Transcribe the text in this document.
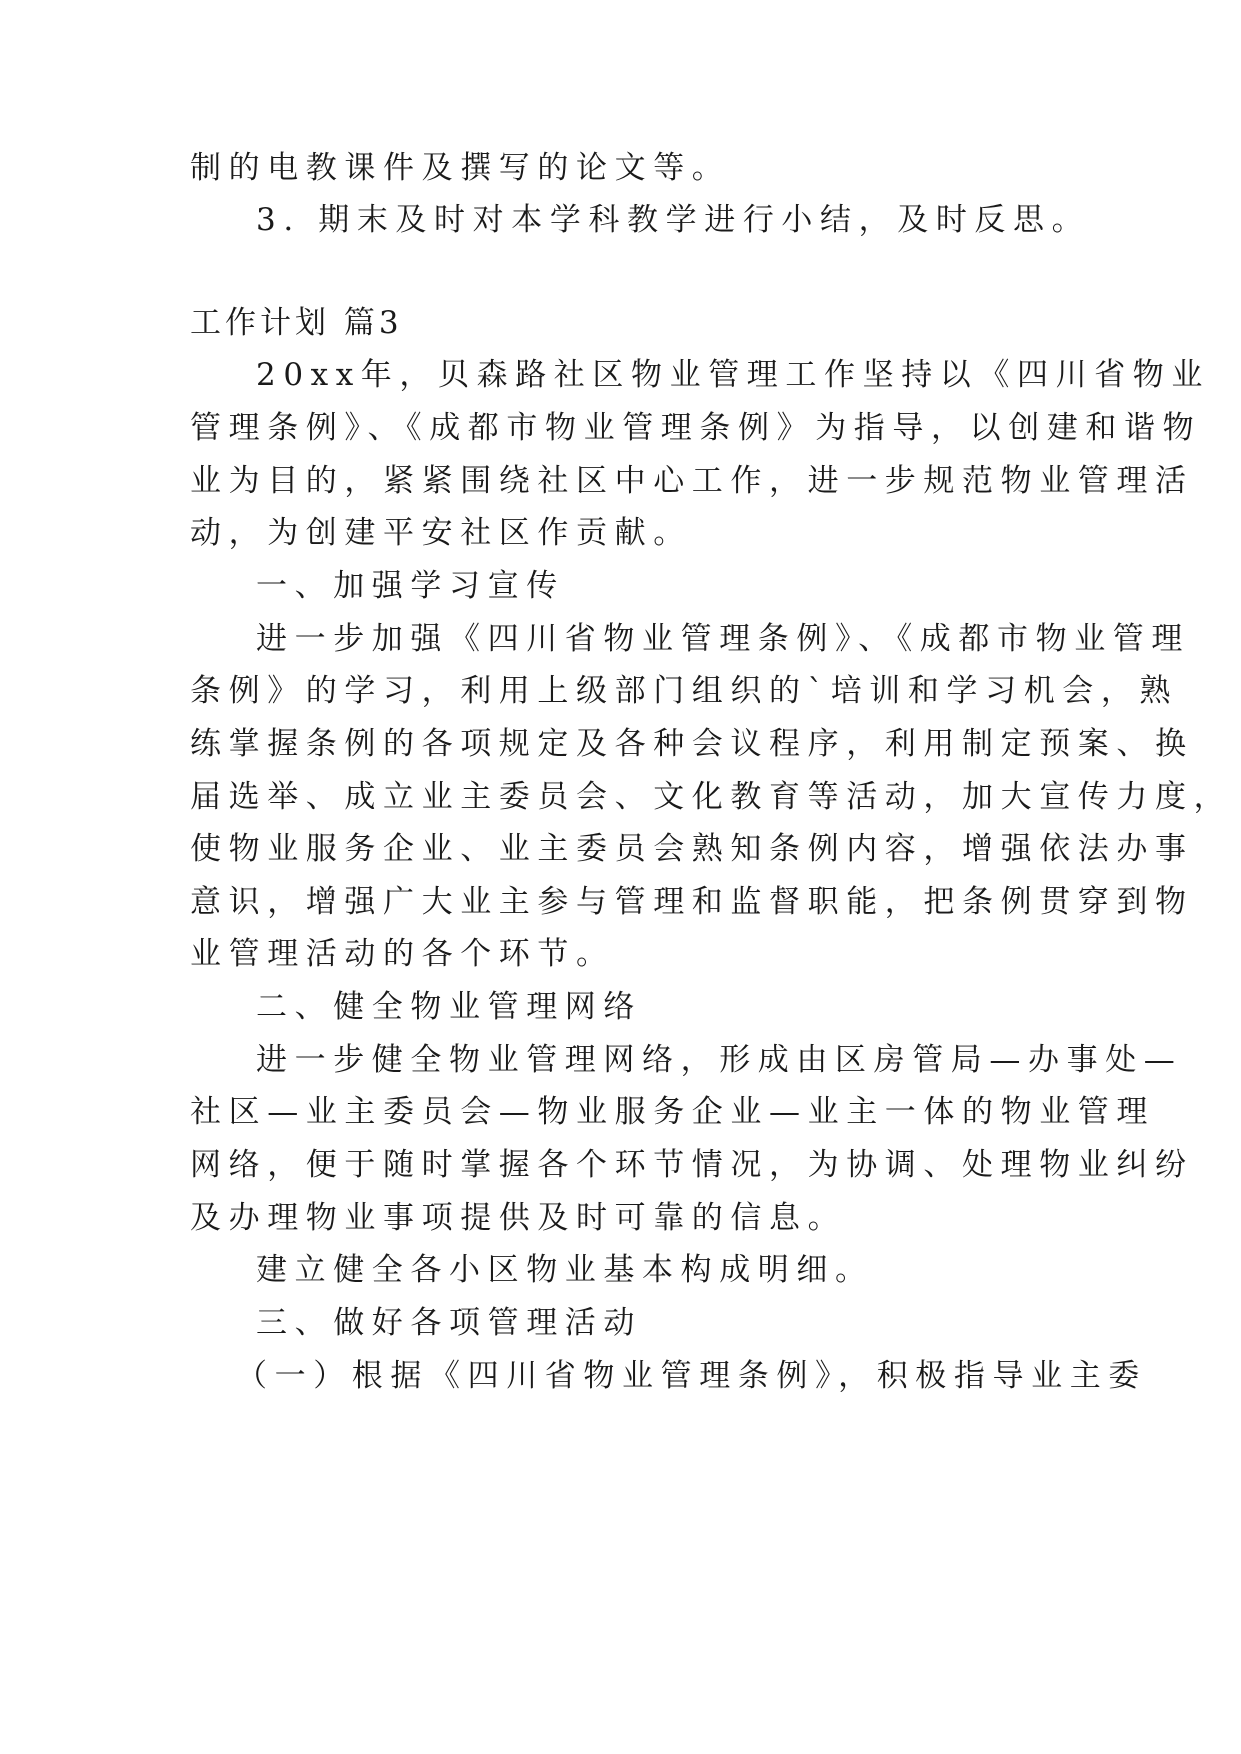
制的电教课件及撰写的论文等。
3. 期末及时对本学科教学进行小结，及时反思。
工作计划 篇3
20xx年，贝森路社区物业管理工作坚持以《四川省物业
管理条例》、《成都市物业管理条例》为指导，以创建和谐物
业为目的，紧紧围绕社区中心工作，进一步规范物业管理活
动，为创建平安社区作贡献。
一、加强学习宣传
进一步加强《四川省物业管理条例》、《成都市物业管理
条例》的学习，利用上级部门组织的`培训和学习机会，熟
练掌握条例的各项规定及各种会议程序，利用制定预案、换
届选举、成立业主委员会、文化教育等活动，加大宣传力度，
使物业服务企业、业主委员会熟知条例内容，增强依法办事
意识，增强广大业主参与管理和监督职能，把条例贯穿到物
业管理活动的各个环节。
二、健全物业管理网络
进一步健全物业管理网络，形成由区房管局—办事处—
社区—业主委员会—物业服务企业—业主一体的物业管理
网络，便于随时掌握各个环节情况，为协调、处理物业纠纷
及办理物业事项提供及时可靠的信息。
建立健全各小区物业基本构成明细。
三、做好各项管理活动
（一）根据《四川省物业管理条例》，积极指导业主委
